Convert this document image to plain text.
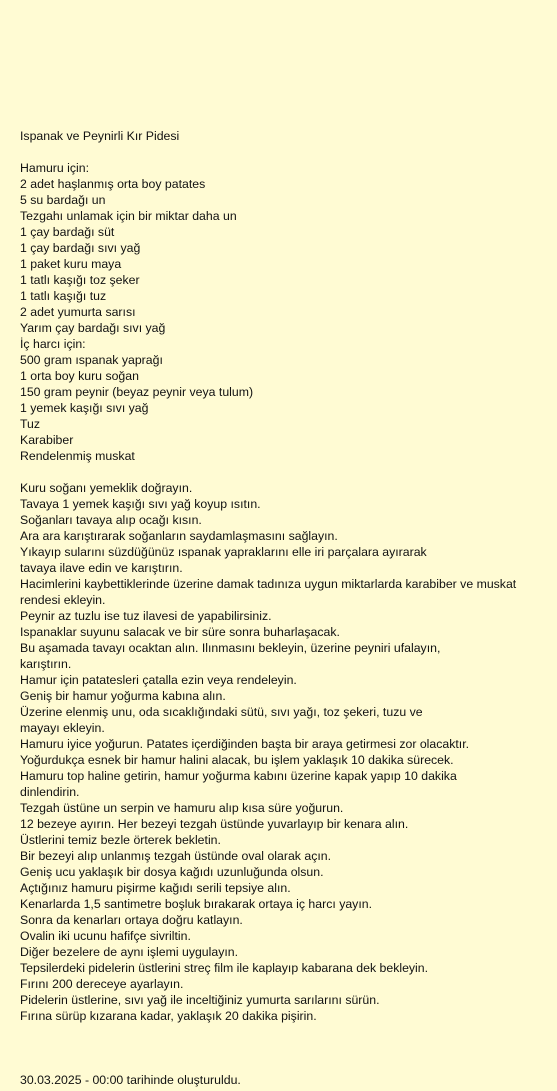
Ispanak ve Peynirli Kır Pidesi
Hamuru için:
2 adet haşlanmış orta boy patates
5 su bardağı un
Tezgahı unlamak için bir miktar daha un
1 çay bardağı süt
1 çay bardağı sıvı yağ
1 paket kuru maya
1 tatlı kaşığı toz şeker
1 tatlı kaşığı tuz
2 adet yumurta sarısı
Yarım çay bardağı sıvı yağ
İç harcı için:
500 gram ıspanak yaprağı
1 orta boy kuru soğan
150 gram peynir (beyaz peynir veya tulum)
1 yemek kaşığı sıvı yağ
Tuz
Karabiber
Rendelenmiş muskat
Kuru soğanı yemeklik doğrayın.
Tavaya 1 yemek kaşığı sıvı yağ koyup ısıtın.
Soğanları tavaya alıp ocağı kısın.
Ara ara karıştırarak soğanların saydamlaşmasını sağlayın.
Yıkayıp sularını süzdüğünüz ıspanak yapraklarını elle iri parçalara ayırarak
tavaya ilave edin ve karıştırın.
Hacimlerini kaybettiklerinde üzerine damak tadınıza uygun miktarlarda karabiber ve muskat
rendesi ekleyin.
Peynir az tuzlu ise tuz ilavesi de yapabilirsiniz.
Ispanaklar suyunu salacak ve bir süre sonra buharlaşacak.
Bu aşamada tavayı ocaktan alın. Ilınmasını bekleyin, üzerine peyniri ufalayın,
karıştırın.
Hamur için patatesleri çatalla ezin veya rendeleyin.
Geniş bir hamur yoğurma kabına alın.
Üzerine elenmiş unu, oda sıcaklığındaki sütü, sıvı yağı, toz şekeri, tuzu ve
mayayı ekleyin.
Hamuru iyice yoğurun. Patates içerdiğinden başta bir araya getirmesi zor olacaktır.
Yoğurdukça esnek bir hamur halini alacak, bu işlem yaklaşık 10 dakika sürecek.
Hamuru top haline getirin, hamur yoğurma kabını üzerine kapak yapıp 10 dakika
dinlendirin.
Tezgah üstüne un serpin ve hamuru alıp kısa süre yoğurun.
12 bezeye ayırın. Her bezeyi tezgah üstünde yuvarlayıp bir kenara alın.
Üstlerini temiz bezle örterek bekletin.
Bir bezeyi alıp unlanmış tezgah üstünde oval olarak açın.
Geniş ucu yaklaşık bir dosya kağıdı uzunluğunda olsun.
Açtığınız hamuru pişirme kağıdı serili tepsiye alın.
Kenarlarda 1,5 santimetre boşluk bırakarak ortaya iç harcı yayın.
Sonra da kenarları ortaya doğru katlayın.
Ovalin iki ucunu hafifçe sivriltin.
Diğer bezelere de aynı işlemi uygulayın.
Tepsilerdeki pidelerin üstlerini streç film ile kaplayıp kabarana dek bekleyin.
Fırını 200 dereceye ayarlayın.
Pidelerin üstlerine, sıvı yağ ile inceltiğiniz yumurta sarılarını sürün.
Fırına sürüp kızarana kadar, yaklaşık 20 dakika pişirin.
30.03.2025 - 00:00 tarihinde oluşturuldu.
